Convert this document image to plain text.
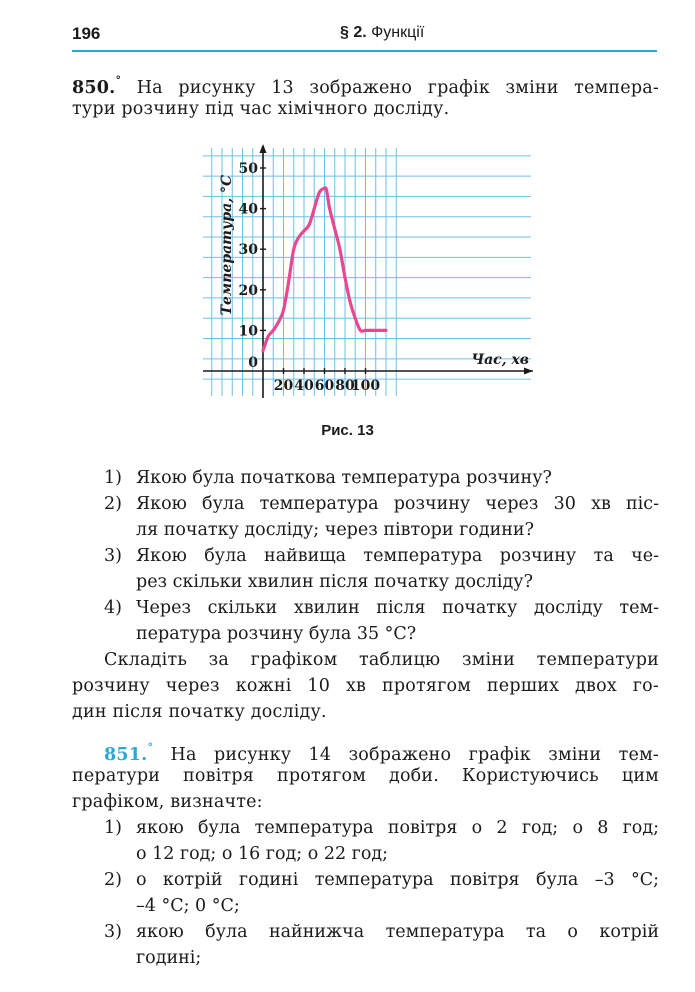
196	§ 2. Функції
850.° На рисунку 13 зображено графік зміни темпера-
тури розчину під час хімічного досліду.
20 40 60 80
100
10
20
30
40
50
0	Час, хв
Температура, °С
Рис. 13
1) Якою була початкова температура розчину?
2) Якою була температура розчину через 30 хв піс-
ля початку досліду; через півтори години?
3) Якою була найвища температура розчину та че-
рез скільки хвилин після початку досліду?
4) Через скільки хвилин після початку досліду тем-
пература розчину була 35 °С?
Складіть за графіком таблицю зміни температури
розчину через кожні 10 хв протягом перших двох го-
дин після початку досліду.
851.° На рисунку 14 зображено графік зміни тем-
ператури повітря протягом доби. Користуючись цим
графіком, визначте:
1) якою була температура повітря о 2 год; о 8 год;
о 12 год; о 16 год; о 22 год;
2) о котрій годині температура повітря була –3 °С;
–4 °С; 0 °С;
3) якою була найнижча температура та о котрій
годині;
